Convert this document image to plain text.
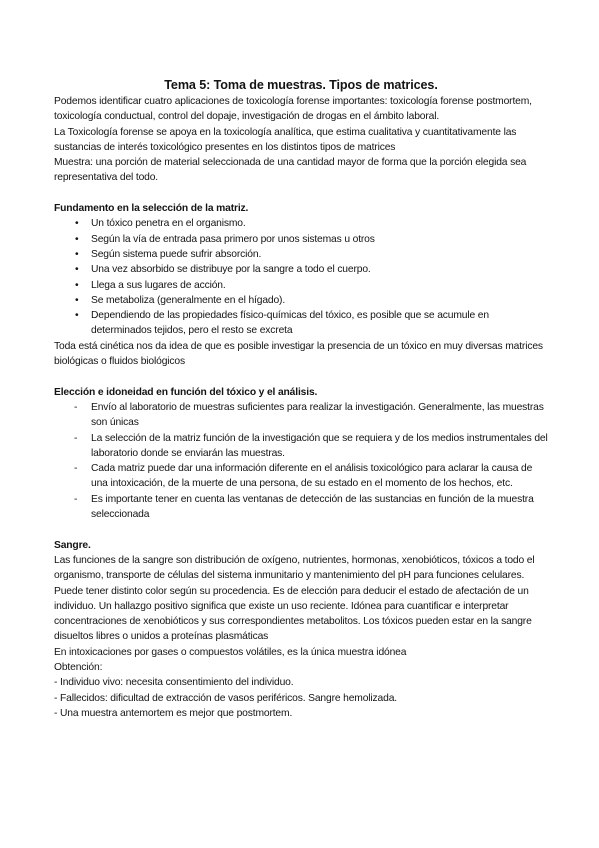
Tema 5: Toma de muestras. Tipos de matrices.

Podemos identificar cuatro aplicaciones de toxicología forense importantes: toxicología forense postmortem, toxicología conductual, control del dopaje, investigación de drogas en el ámbito laboral.

La Toxicología forense se apoya en la toxicología analítica, que estima cualitativa y cuantitativamente las sustancias de interés toxicológico presentes en los distintos tipos de matrices

Muestra: una porción de material seleccionada de una cantidad mayor de forma que la porción elegida sea representativa del todo.

Fundamento en la selección de la matriz.

• Un tóxico penetra en el organismo.
• Según la vía de entrada pasa primero por unos sistemas u otros
• Según sistema puede sufrir absorción.
• Una vez absorbido se distribuye por la sangre a todo el cuerpo.
• Llega a sus lugares de acción.
• Se metaboliza (generalmente en el hígado).
• Dependiendo de las propiedades físico-químicas del tóxico, es posible que se acumule en determinados tejidos, pero el resto se excreta

Toda está cinética nos da idea de que es posible investigar la presencia de un tóxico en muy diversas matrices biológicas o fluidos biológicos

Elección e idoneidad en función del tóxico y el análisis.

- Envío al laboratorio de muestras suficientes para realizar la investigación. Generalmente, las muestras son únicas
- La selección de la matriz función de la investigación que se requiera y de los medios instrumentales del laboratorio donde se enviarán las muestras.
- Cada matriz puede dar una información diferente en el análisis toxicológico para aclarar la causa de una intoxicación, de la muerte de una persona, de su estado en el momento de los hechos, etc.
- Es importante tener en cuenta las ventanas de detección de las sustancias en función de la muestra seleccionada

Sangre.

Las funciones de la sangre son distribución de oxígeno, nutrientes, hormonas, xenobióticos, tóxicos a todo el organismo, transporte de células del sistema inmunitario y mantenimiento del pH para funciones celulares. Puede tener distinto color según su procedencia. Es de elección para deducir el estado de afectación de un individuo. Un hallazgo positivo significa que existe un uso reciente. Idónea para cuantificar e interpretar concentraciones de xenobióticos y sus correspondientes metabolitos. Los tóxicos pueden estar en la sangre disueltos libres o unidos a proteínas plasmáticas

En intoxicaciones por gases o compuestos volátiles, es la única muestra idónea

Obtención:

- Individuo vivo: necesita consentimiento del individuo.

- Fallecidos: dificultad de extracción de vasos periféricos. Sangre hemolizada.

- Una muestra antemortem es mejor que postmortem.
